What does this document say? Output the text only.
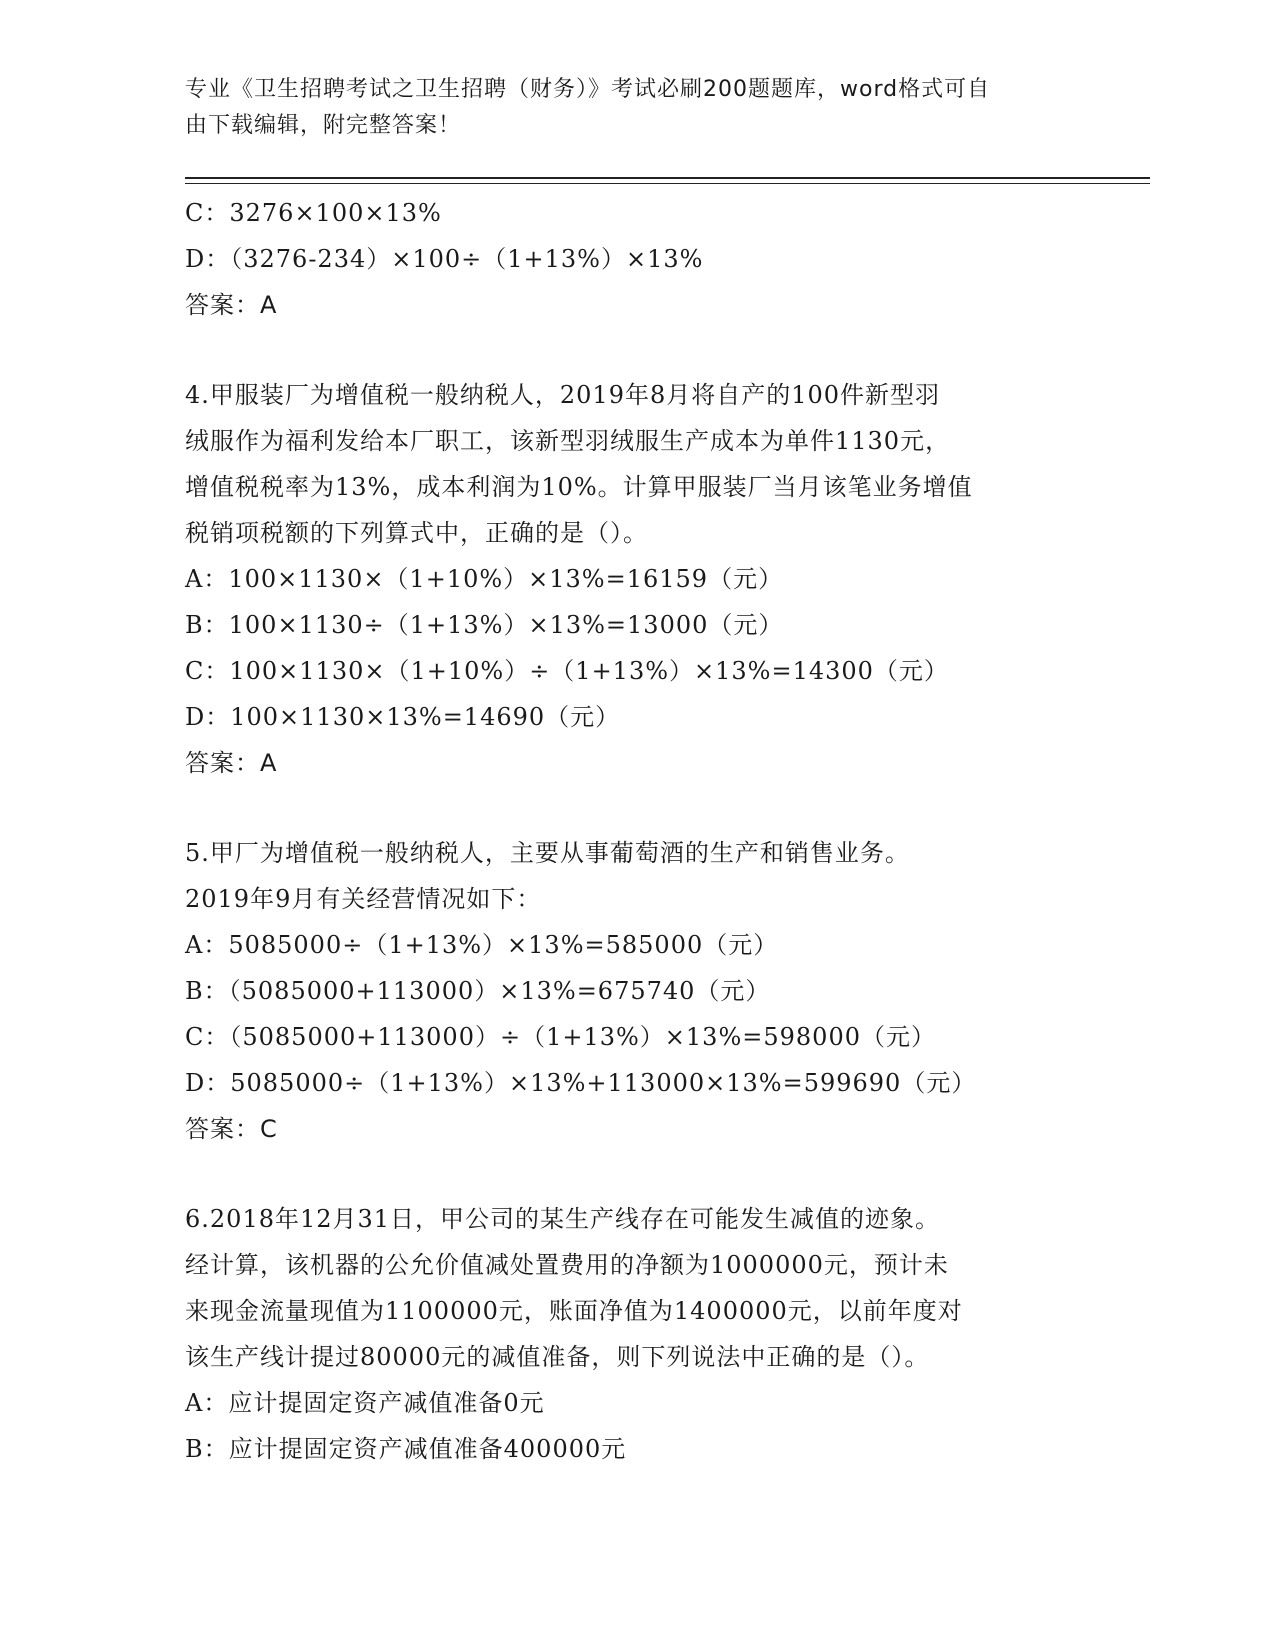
专业《卫生招聘考试之卫生招聘（财务）》考试必刷200题题库，word格式可自
由下载编辑，附完整答案！
C：3276×100×13%
D：（3276-234）×100÷（1+13%）×13%
答案：A
4.甲服装厂为增值税一般纳税人，2019年8月将自产的100件新型羽
绒服作为福利发给本厂职工，该新型羽绒服生产成本为单件1130元，
增值税税率为13%，成本利润为10%。计算甲服装厂当月该笔业务增值
税销项税额的下列算式中，正确的是（）。
A：100×1130×（1+10%）×13%=16159（元）
B：100×1130÷（1+13%）×13%=13000（元）
C：100×1130×（1+10%）÷（1+13%）×13%=14300（元）
D：100×1130×13%=14690（元）
答案：A
5.甲厂为增值税一般纳税人，主要从事葡萄酒的生产和销售业务。
2019年9月有关经营情况如下：
A：5085000÷（1+13%）×13%=585000（元）
B：（5085000+113000）×13%=675740（元）
C：（5085000+113000）÷（1+13%）×13%=598000（元）
D：5085000÷（1+13%）×13%+113000×13%=599690（元）
答案：C
6.2018年12月31日，甲公司的某生产线存在可能发生减值的迹象。
经计算，该机器的公允价值减处置费用的净额为1000000元，预计未
来现金流量现值为1100000元，账面净值为1400000元，以前年度对
该生产线计提过80000元的减值准备，则下列说法中正确的是（）。
A：应计提固定资产减值准备0元
B：应计提固定资产减值准备400000元
